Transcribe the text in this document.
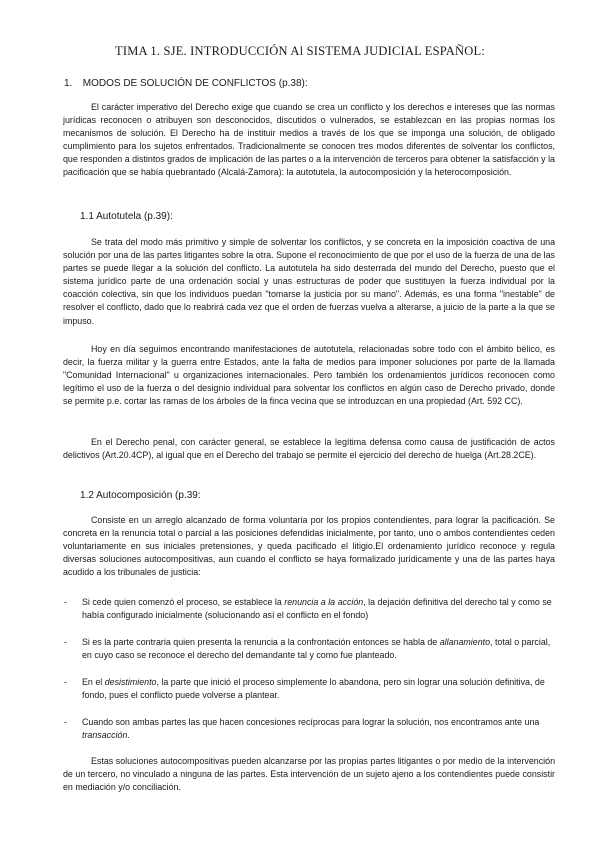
TIMA 1. SJE. INTRODUCCIÓN Al SISTEMA JUDICIAL ESPAÑOL:
1. MODOS DE SOLUCIÓN DE CONFLICTOS (p.38):
El carácter imperativo del Derecho exige que cuando se crea un conflicto y los derechos e intereses que las normas jurídicas reconocen o atribuyen son desconocidos, discutidos o vulnerados, se establezcan en las propias normas los mecanismos de solución. El Derecho ha de instituir medios a través de los que se imponga una solución, de obligado cumplimiento para los sujetos enfrentados. Tradicionalmente se conocen tres modos diferentes de solventar los conflictos, que responden a distintos grados de implicación de las partes o a la intervención de terceros para obtener la satisfacción y la pacificación que se había quebrantado (Alcalá-Zamora): la autotutela, la autocomposición y la heterocomposición.
1.1 Autotutela (p.39):
Se trata del modo más primitivo y simple de solventar los conflictos, y se concreta en la imposición coactiva de una solución por una de las partes litigantes sobre la otra. Supone el reconocimiento de que por el uso de la fuerza de una de las partes se puede llegar a la solución del conflicto. La autotutela ha sido desterrada del mundo del Derecho, puesto que el sistema jurídico parte de una ordenación social y unas estructuras de poder que sustituyen la fuerza individual por la coacción colectiva, sin que los individuos puedan "tomarse la justicia por su mano". Además, es una forma "inestable" de resolver el conflicto, dado que lo reabrirá cada vez que el orden de fuerzas vuelva a alterarse, a juicio de la parte a la que se impuso.
Hoy en día seguimos encontrando manifestaciones de autotutela, relacionadas sobre todo con el ámbito bélico, es decir, la fuerza militar y la guerra entre Estados, ante la falta de medios para imponer soluciones por parte de la llamada "Comunidad Internacional" u organizaciones internacionales. Pero también los ordenamientos jurídicos reconocen como legítimo el uso de la fuerza o del designio individual para solventar los conflictos en algún caso de Derecho privado, donde se permite p.e. cortar las ramas de los árboles de la finca vecina que se introduzcan en una propiedad (Art. 592 CC).
En el Derecho penal, con carácter general, se establece la legítima defensa como causa de justificación de actos delictivos (Art.20.4CP), al igual que en el Derecho del trabajo se permite el ejercicio del derecho de huelga (Art.28.2CE).
1.2 Autocomposición (p.39:
Consiste en un arreglo alcanzado de forma voluntaria por los propios contendientes, para lograr la pacificación. Se concreta en la renuncia total o parcial a las posiciones defendidas inicialmente, por tanto, uno o ambos contendientes ceden voluntariamente en sus iniciales pretensiones, y queda pacificado el litigio.El ordenamiento jurídico reconoce y regula diversas soluciones autocompositivas, aun cuando el conflicto se haya formalizado jurídicamente y una de las partes haya acudido a los tribunales de justicia:
- Si cede quien comenzó el proceso, se establece la renuncia a la acción, la dejación definitiva del derecho tal y como se había configurado inicialmente (solucionando así el conflicto en el fondo)
- Si es la parte contraria quien presenta la renuncia a la confrontación entonces se habla de allanamiento, total o parcial, en cuyo caso se reconoce el derecho del demandante tal y como fue planteado.
- En el desistimiento, la parte que inició el proceso simplemente lo abandona, pero sin lograr una solución definitiva, de fondo, pues el conflicto puede volverse a plantear.
- Cuando son ambas partes las que hacen concesiones recíprocas para lograr la solución, nos encontramos ante una transacción.
Estas soluciones autocompositivas pueden alcanzarse por las propias partes litigantes o por medio de la intervención de un tercero, no vinculado a ninguna de las partes. Esta intervención de un sujeto ajeno a los contendientes puede consistir en mediación y/o conciliación.
